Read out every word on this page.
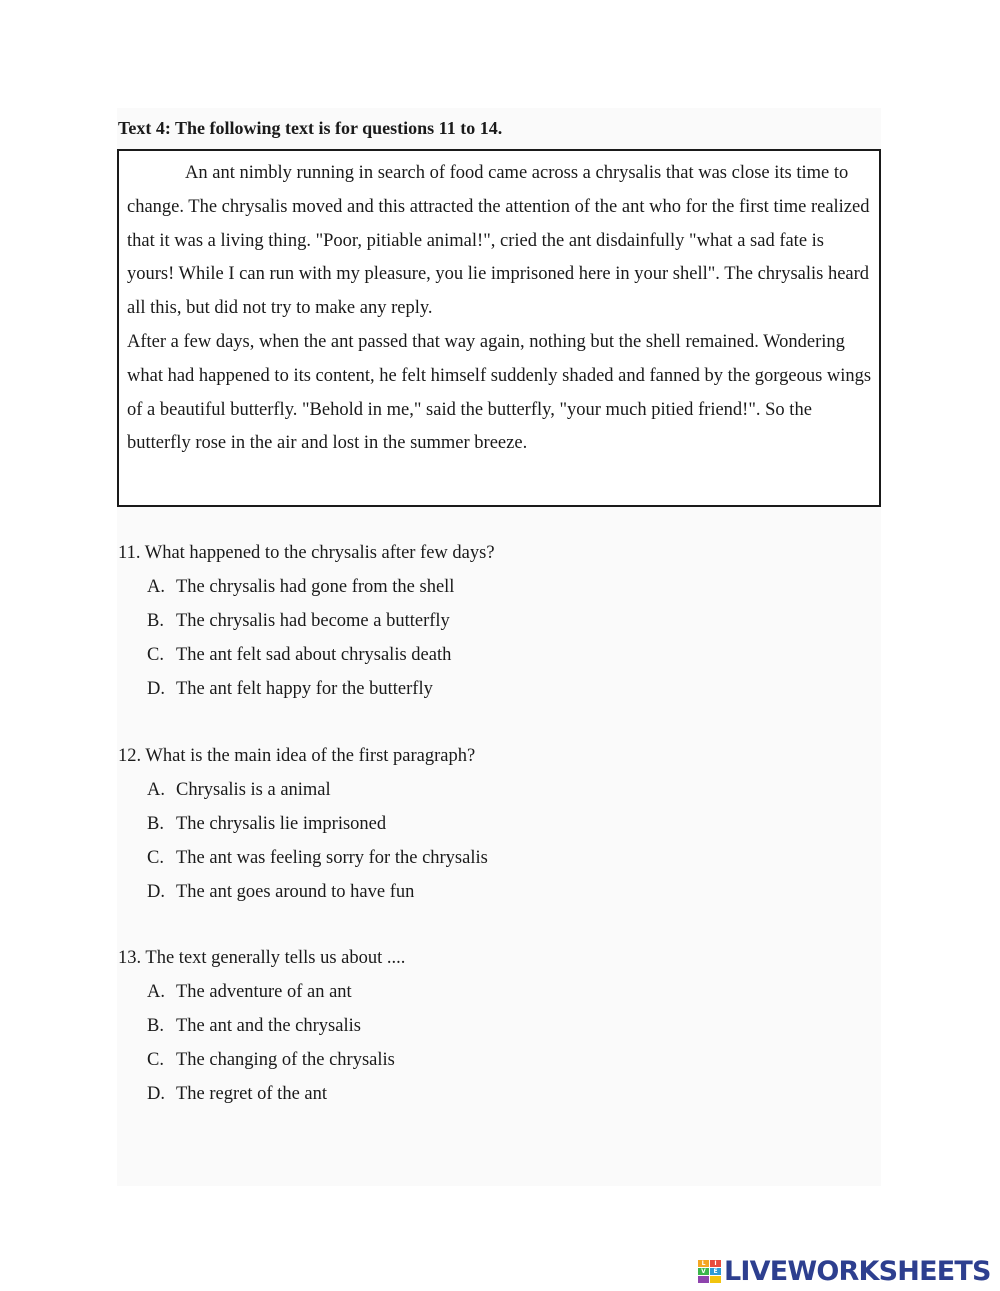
Text 4: The following text is for questions 11 to 14.

An ant nimbly running in search of food came across a chrysalis that was close its time to change. The chrysalis moved and this attracted the attention of the ant who for the first time realized that it was a living thing. "Poor, pitiable animal!", cried the ant disdainfully "what a sad fate is yours! While I can run with my pleasure, you lie imprisoned here in your shell". The chrysalis heard all this, but did not try to make any reply.

After a few days, when the ant passed that way again, nothing but the shell remained. Wondering what had happened to its content, he felt himself suddenly shaded and fanned by the gorgeous wings of a beautiful butterfly. "Behold in me," said the butterfly, "your much pitied friend!". So the butterfly rose in the air and lost in the summer breeze.

11. What happened to the chrysalis after few days?
A. The chrysalis had gone from the shell
B. The chrysalis had become a butterfly
C. The ant felt sad about chrysalis death
D. The ant felt happy for the butterfly
12. What is the main idea of the first paragraph?
A. Chrysalis is a animal
B. The chrysalis lie imprisoned
C. The ant was feeling sorry for the chrysalis
D. The ant goes around to have fun
13. The text generally tells us about ....
A. The adventure of an ant
B. The ant and the chrysalis
C. The changing of the chrysalis
D. The regret of the ant
L	I
V	E LIVEWORKSHEETS
